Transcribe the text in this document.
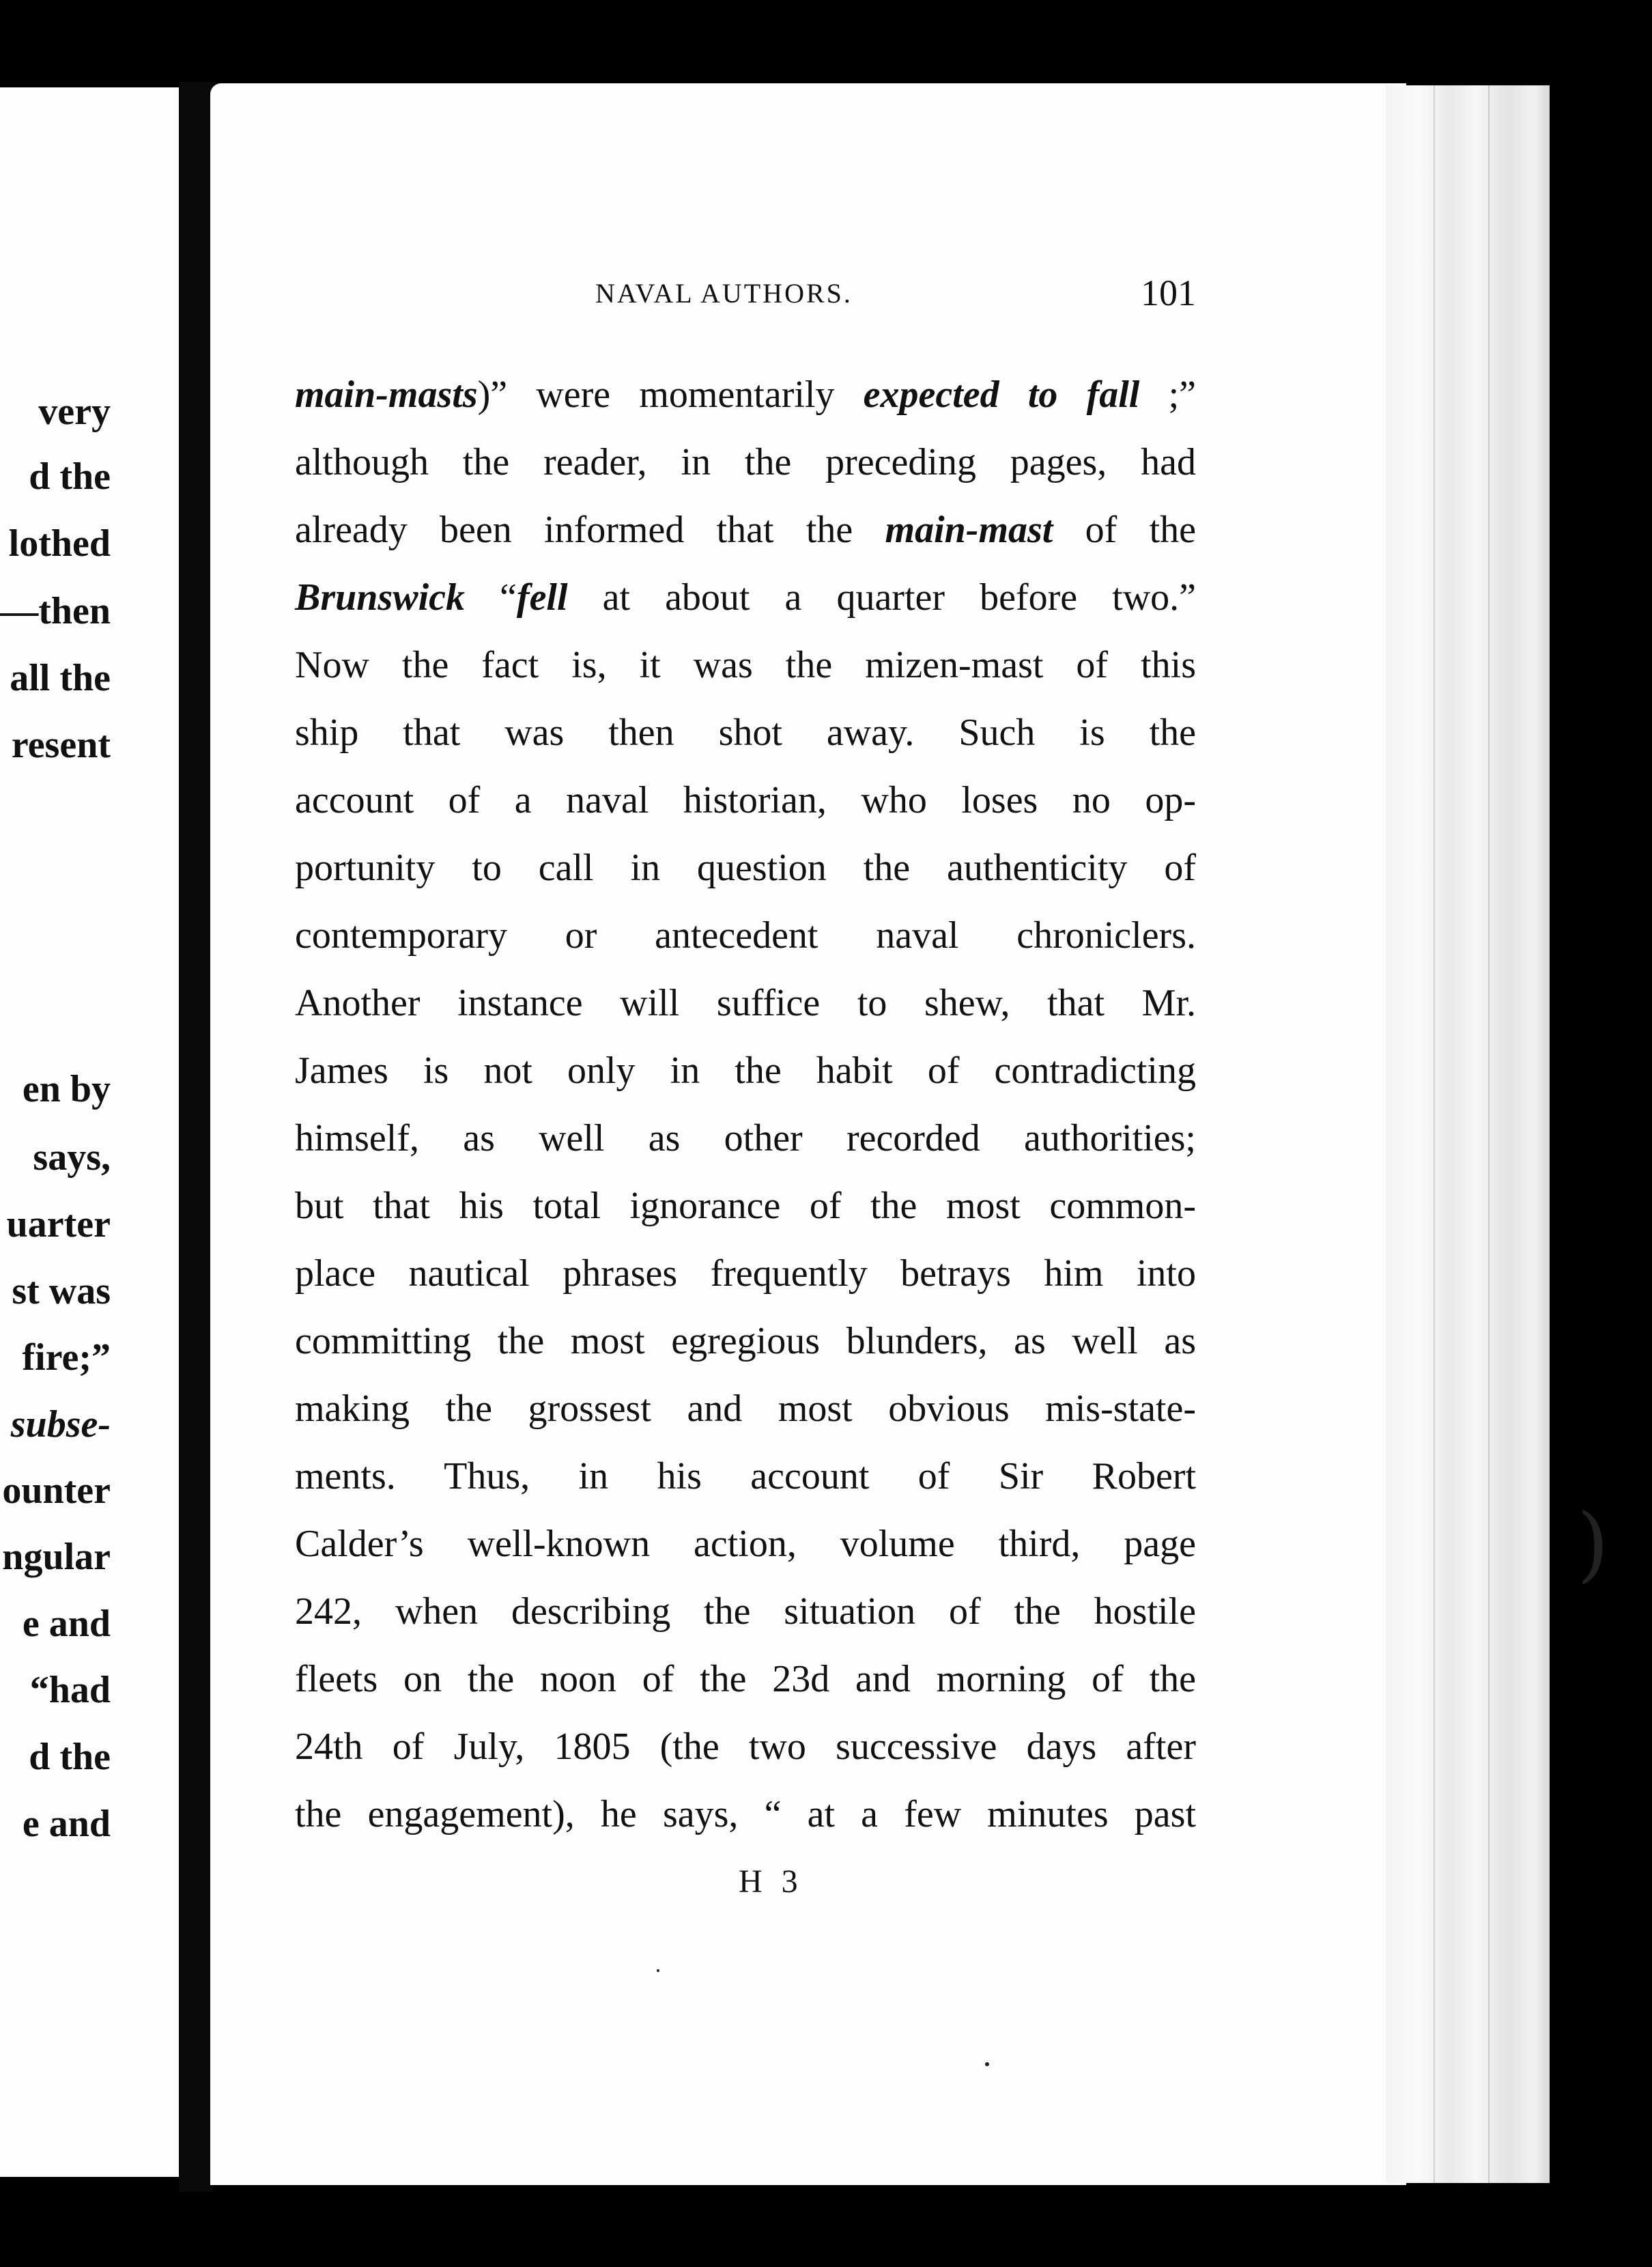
very
d the
lothed
—then
all the
resent
en by
says,
uarter
st was
fire;”
subse-
ounter
ngular
e and
“had
d the
e and
NAVAL AUTHORS.	101
main-masts)” were momentarily expected to fall ;”
although the reader, in the preceding pages, had
already been informed that the main-mast of the
Brunswick “fell at about a quarter before two.”
Now the fact is, it was the mizen-mast of this
ship that was then shot away. Such is the
account of a naval historian, who loses no op-
portunity to call in question the authenticity of
contemporary or antecedent naval chroniclers.
Another instance will suffice to shew, that Mr.
James is not only in the habit of contradicting
himself, as well as other recorded authorities;
but that his total ignorance of the most common-
place nautical phrases frequently betrays him into
committing the most egregious blunders, as well as
making the grossest and most obvious mis-state-
ments. Thus, in his account of Sir Robert
Calder’s well-known action, volume third, page
242, when describing the situation of the hostile
fleets on the noon of the 23d and morning of the
24th of July, 1805 (the two successive days after
the engagement), he says, “ at a few minutes past
H 3
)
